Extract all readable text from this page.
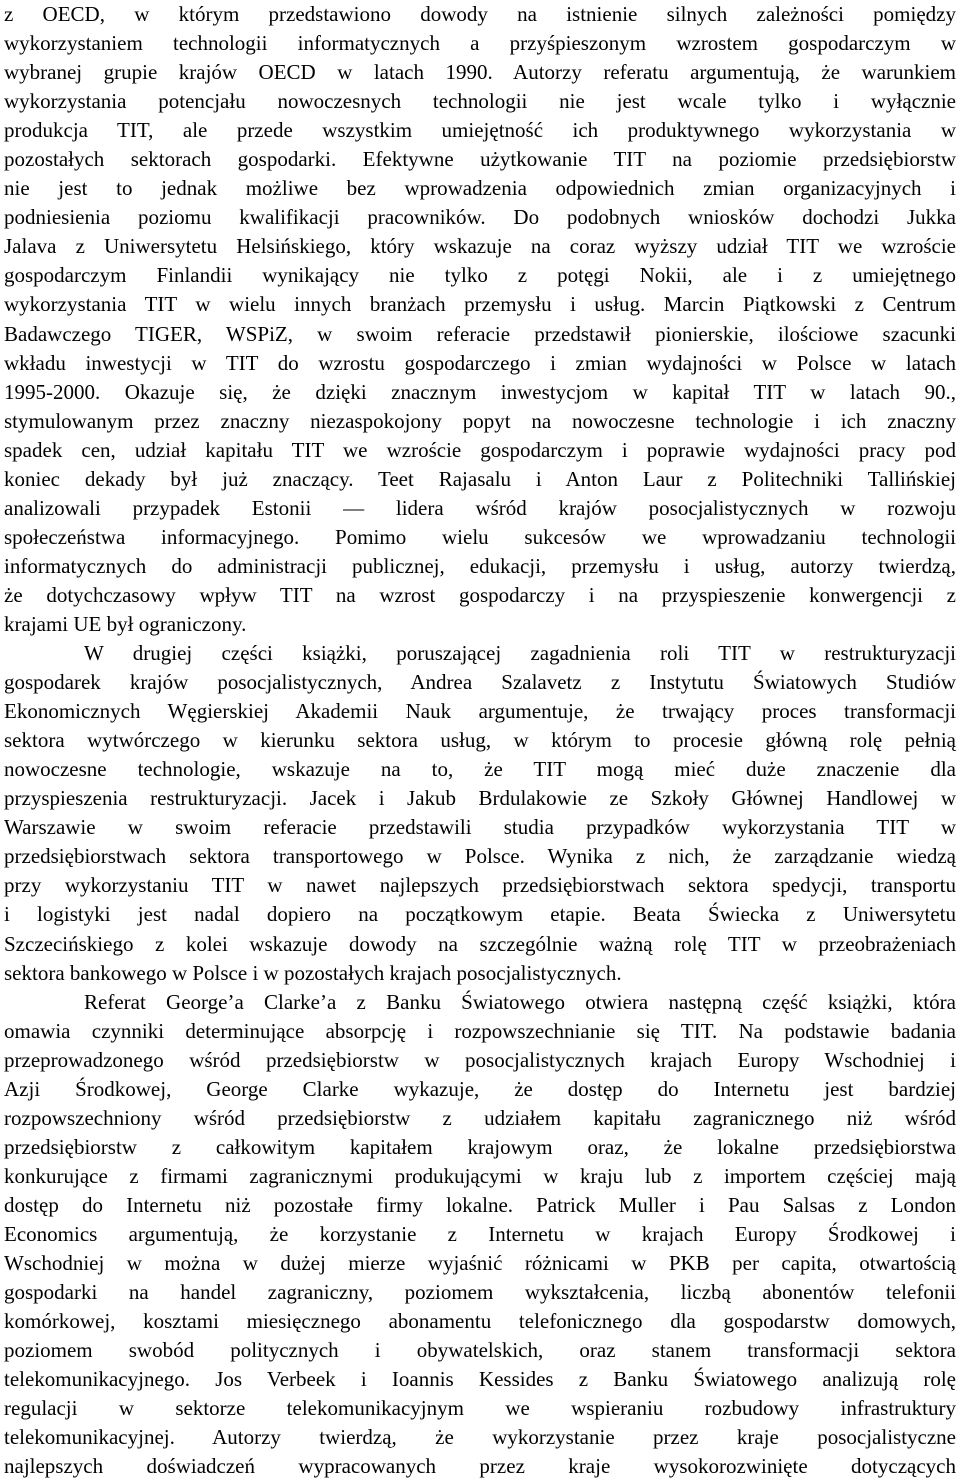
z OECD, w którym przedstawiono dowody na istnienie silnych zależności pomiędzy
wykorzystaniem technologii informatycznych a przyśpieszonym wzrostem gospodarczym w
wybranej grupie krajów OECD w latach 1990. Autorzy referatu argumentują, że warunkiem
wykorzystania potencjału nowoczesnych technologii nie jest wcale tylko i wyłącznie
produkcja TIT, ale przede wszystkim umiejętność ich produktywnego wykorzystania w
pozostałych sektorach gospodarki. Efektywne użytkowanie TIT na poziomie przedsiębiorstw
nie jest to jednak możliwe bez wprowadzenia odpowiednich zmian organizacyjnych i
podniesienia poziomu kwalifikacji pracowników. Do podobnych wniosków dochodzi Jukka
Jalava z Uniwersytetu Helsińskiego, który wskazuje na coraz wyższy udział TIT we wzroście
gospodarczym Finlandii wynikający nie tylko z potęgi Nokii, ale i z umiejętnego
wykorzystania TIT w wielu innych branżach przemysłu i usług. Marcin Piątkowski z Centrum
Badawczego TIGER, WSPiZ, w swoim referacie przedstawił pionierskie, ilościowe szacunki
wkładu inwestycji w TIT do wzrostu gospodarczego i zmian wydajności w Polsce w latach
1995-2000. Okazuje się, że dzięki znacznym inwestycjom w kapitał TIT w latach 90.,
stymulowanym przez znaczny niezaspokojony popyt na nowoczesne technologie i ich znaczny
spadek cen, udział kapitału TIT we wzroście gospodarczym i poprawie wydajności pracy pod
koniec dekady był już znaczący. Teet Rajasalu i Anton Laur z Politechniki Tallińskiej
analizowali przypadek Estonii — lidera wśród krajów posocjalistycznych w rozwoju
społeczeństwa informacyjnego. Pomimo wielu sukcesów we wprowadzaniu technologii
informatycznych do administracji publicznej, edukacji, przemysłu i usług, autorzy twierdzą,
że dotychczasowy wpływ TIT na wzrost gospodarczy i na przyspieszenie konwergencji z
krajami UE był ograniczony.
W drugiej części książki, poruszającej zagadnienia roli TIT w restrukturyzacji
gospodarek krajów posocjalistycznych, Andrea Szalavetz z Instytutu Światowych Studiów
Ekonomicznych Węgierskiej Akademii Nauk argumentuje, że trwający proces transformacji
sektora wytwórczego w kierunku sektora usług, w którym to procesie główną rolę pełnią
nowoczesne technologie, wskazuje na to, że TIT mogą mieć duże znaczenie dla
przyspieszenia restrukturyzacji. Jacek i Jakub Brdulakowie ze Szkoły Głównej Handlowej w
Warszawie w swoim referacie przedstawili studia przypadków wykorzystania TIT w
przedsiębiorstwach sektora transportowego w Polsce. Wynika z nich, że zarządzanie wiedzą
przy wykorzystaniu TIT w nawet najlepszych przedsiębiorstwach sektora spedycji, transportu
i logistyki jest nadal dopiero na początkowym etapie. Beata Świecka z Uniwersytetu
Szczecińskiego z kolei wskazuje dowody na szczególnie ważną rolę TIT w przeobrażeniach
sektora bankowego w Polsce i w pozostałych krajach posocjalistycznych.
Referat George’a Clarke’a z Banku Światowego otwiera następną część książki, która
omawia czynniki determinujące absorpcję i rozpowszechnianie się TIT. Na podstawie badania
przeprowadzonego wśród przedsiębiorstw w posocjalistycznych krajach Europy Wschodniej i
Azji Środkowej, George Clarke wykazuje, że dostęp do Internetu jest bardziej
rozpowszechniony wśród przedsiębiorstw z udziałem kapitału zagranicznego niż wśród
przedsiębiorstw z całkowitym kapitałem krajowym oraz, że lokalne przedsiębiorstwa
konkurujące z firmami zagranicznymi produkującymi w kraju lub z importem częściej mają
dostęp do Internetu niż pozostałe firmy lokalne. Patrick Muller i Pau Salsas z London
Economics argumentują, że korzystanie z Internetu w krajach Europy Środkowej i
Wschodniej w można w dużej mierze wyjaśnić różnicami w PKB per capita, otwartością
gospodarki na handel zagraniczny, poziomem wykształcenia, liczbą abonentów telefonii
komórkowej, kosztami miesięcznego abonamentu telefonicznego dla gospodarstw domowych,
poziomem swobód politycznych i obywatelskich, oraz stanem transformacji sektora
telekomunikacyjnego. Jos Verbeek i Ioannis Kessides z Banku Światowego analizują rolę
regulacji w sektorze telekomunikacyjnym we wspieraniu rozbudowy infrastruktury
telekomunikacyjnej. Autorzy twierdzą, że wykorzystanie przez kraje posocjalistyczne
najlepszych doświadczeń wypracowanych przez kraje wysokorozwinięte dotyczących
